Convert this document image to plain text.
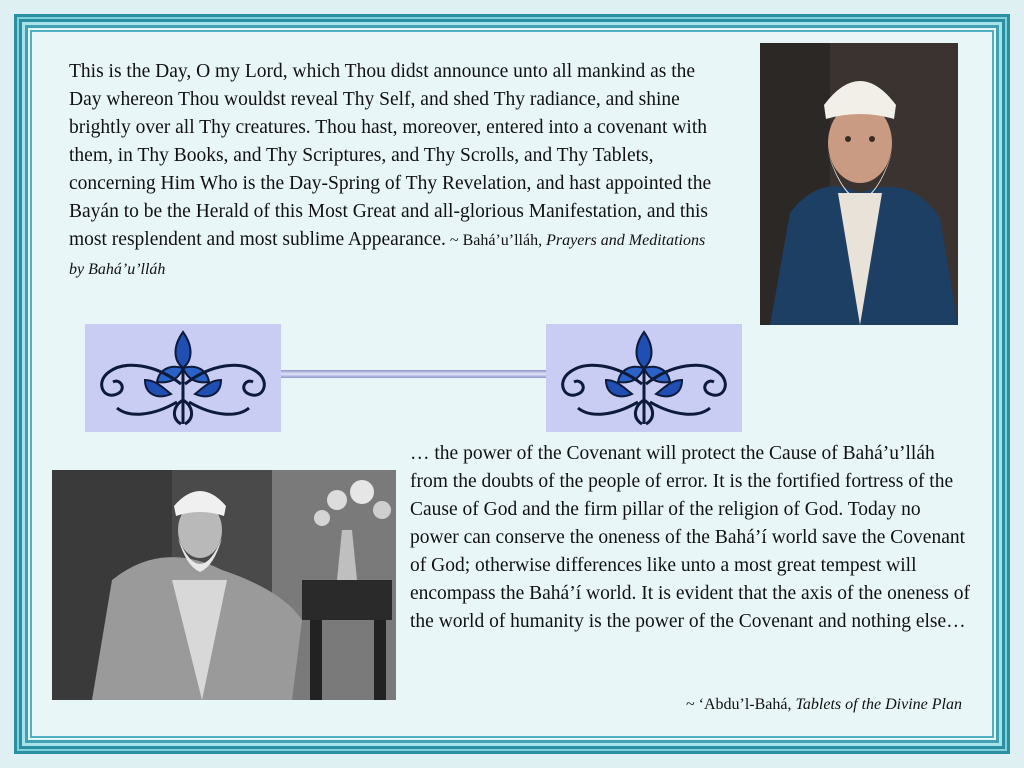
This is the Day, O my Lord, which Thou didst announce unto all mankind as the Day whereon Thou wouldst reveal Thy Self, and shed Thy radiance, and shine brightly over all Thy creatures. Thou hast, moreover, entered into a covenant with them, in Thy Books, and Thy Scriptures, and Thy Scrolls, and Thy Tablets, concerning Him Who is the Day-Spring of Thy Revelation, and hast appointed the Bayán to be the Herald of this Most Great and all-glorious Manifestation, and this most resplendent and most sublime Appearance. ~ Bahá’u’lláh, Prayers and Meditations by Bahá’u’lláh

… the power of the Covenant will protect the Cause of Bahá’u’lláh from the doubts of the people of error. It is the fortified fortress of the Cause of God and the firm pillar of the religion of God. Today no power can conserve the oneness of the Bahá’í world save the Covenant of God; otherwise differences like unto a most great tempest will encompass the Bahá’í world. It is evident that the axis of the oneness of the world of humanity is the power of the Covenant and nothing else…

~ ‘Abdu’l-Bahá, Tablets of the Divine Plan
